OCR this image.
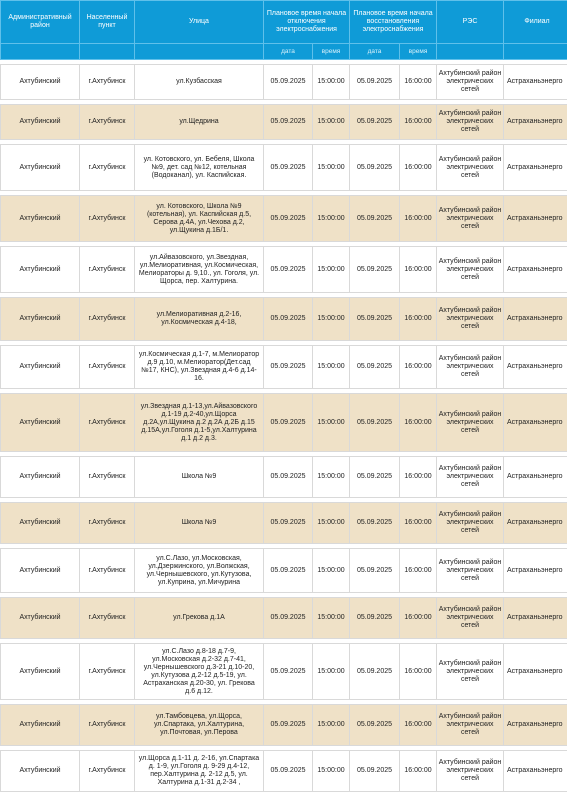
Административный район	Населенный пункт	Улица	Плановое время начала отключения электроснабжения		Плановое время начала восстановления электроснабжения		РЭС	Филиал
			дата	время	дата	время		

Ахтубинский	г.Ахтубинск	ул.Кузбасская	05.09.2025	15:00:00	05.09.2025	16:00:00	Ахтубинский район электрических сетей	Астраханьэнерго

Ахтубинский	г.Ахтубинск	ул.Щедрина	05.09.2025	15:00:00	05.09.2025	16:00:00	Ахтубинский район электрических сетей	Астраханьэнерго

Ахтубинский	г.Ахтубинск	ул. Котовского, ул. Бебеля, Школа №9, дет. сад №12, котельная (Водоканал), ул. Каспийская.	05.09.2025	15:00:00	05.09.2025	16:00:00	Ахтубинский район электрических сетей	Астраханьэнерго

Ахтубинский	г.Ахтубинск	ул. Котовского, Школа №9 (котельная), ул. Каспийская д.5, Серова д.4А, ул.Чехова д.2, ул.Щукина д.1Б/1.	05.09.2025	15:00:00	05.09.2025	16:00:00	Ахтубинский район электрических сетей	Астраханьэнерго

Ахтубинский	г.Ахтубинск	ул.Айвазовского, ул.Звездная, ул.Мелиоративная, ул.Космическая, Мелиораторы д. 9,10., ул. Гоголя, ул. Щорса, пер. Халтурина.	05.09.2025	15:00:00	05.09.2025	16:00:00	Ахтубинский район электрических сетей	Астраханьэнерго

Ахтубинский	г.Ахтубинск	ул.Мелиоративная д.2-16, ул.Космическая д.4-18,	05.09.2025	15:00:00	05.09.2025	16:00:00	Ахтубинский район электрических сетей	Астраханьэнерго

Ахтубинский	г.Ахтубинск	ул.Космическая д.1-7, м.Мелиоратор д.9 д.10, м.Мелиоратор(Дет.сад №17, КНС), ул.Звездная д.4-6 д.14-16.	05.09.2025	15:00:00	05.09.2025	16:00:00	Ахтубинский район электрических сетей	Астраханьэнерго

Ахтубинский	г.Ахтубинск	ул.Звездная д.1-13,ул.Айвазовского д.1-19 д.2-40,ул.Щорса д.2А,ул.Щукина д.2 д.2А д.2Б д.15 д.15А,ул.Гоголя д.1-5,ул.Халтурина д.1 д.2 д.3.	05.09.2025	15:00:00	05.09.2025	16:00:00	Ахтубинский район электрических сетей	Астраханьэнерго

Ахтубинский	г.Ахтубинск	Школа №9	05.09.2025	15:00:00	05.09.2025	16:00:00	Ахтубинский район электрических сетей	Астраханьэнерго

Ахтубинский	г.Ахтубинск	Школа №9	05.09.2025	15:00:00	05.09.2025	16:00:00	Ахтубинский район электрических сетей	Астраханьэнерго

Ахтубинский	г.Ахтубинск	ул.С.Лазо, ул.Московская, ул.Дзержинского, ул.Волжская, ул.Чернышевского, ул.Кутузова, ул.Куприна, ул.Мичурина	05.09.2025	15:00:00	05.09.2025	16:00:00	Ахтубинский район электрических сетей	Астраханьэнерго

Ахтубинский	г.Ахтубинск	ул.Грекова д.1А	05.09.2025	15:00:00	05.09.2025	16:00:00	Ахтубинский район электрических сетей	Астраханьэнерго

Ахтубинский	г.Ахтубинск	ул.С.Лазо д.8-18 д.7-9, ул.Московская д.2-32 д.7-41, ул.Чернышевского д.3-21 д.10-20, ул.Кутузова д.2-12 д.5-19, ул. Астраханская д.20-30, ул. Грекова д.6 д.12.	05.09.2025	15:00:00	05.09.2025	16:00:00	Ахтубинский район электрических сетей	Астраханьэнерго

Ахтубинский	г.Ахтубинск	ул.Тамбовцева, ул.Щорса, ул.Спартака, ул.Халтурина, ул.Почтовая, ул.Перова	05.09.2025	15:00:00	05.09.2025	16:00:00	Ахтубинский район электрических сетей	Астраханьэнерго

Ахтубинский	г.Ахтубинск	ул.Щорса д.1-11 д. 2-16, ул.Спартака д. 1-9, ул.Гоголя д. 9-29 д.4-12, пер.Халтурина д. 2-12 д.5, ул. Халтурина д.1-31 д.2-34 ,	05.09.2025	15:00:00	05.09.2025	16:00:00	Ахтубинский район электрических сетей	Астраханьэнерго
